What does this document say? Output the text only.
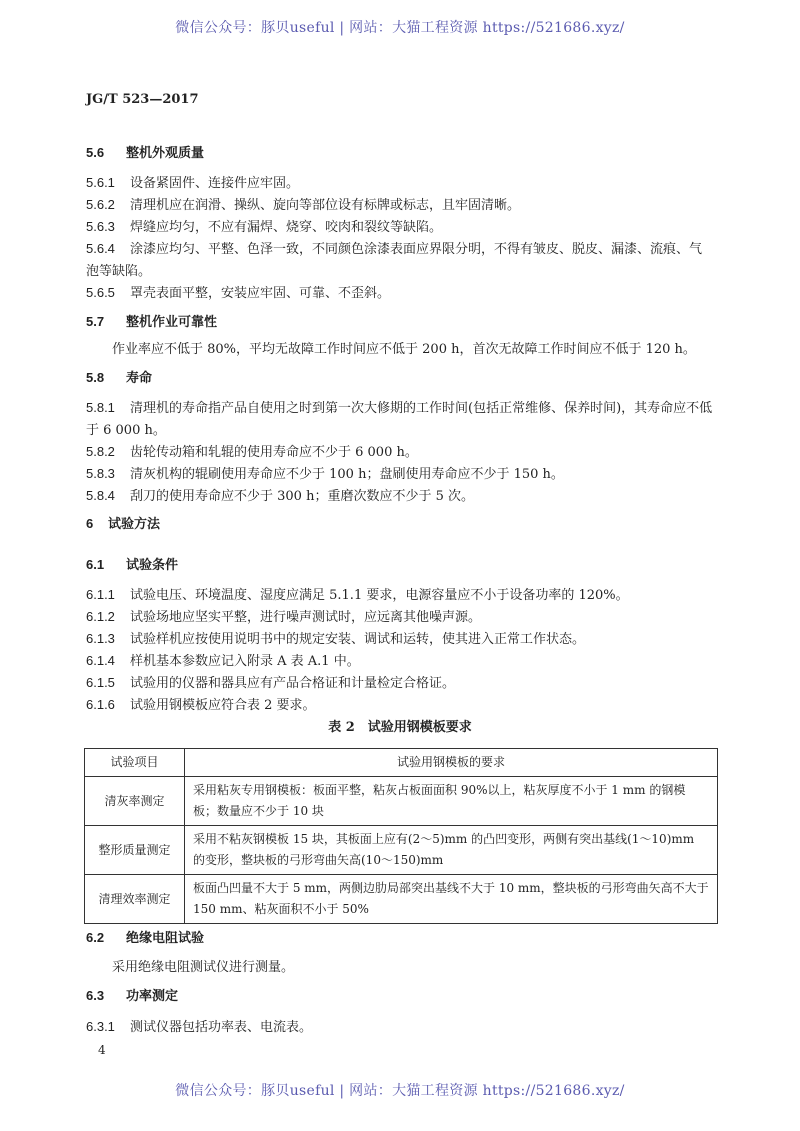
微信公众号：豚贝useful | 网站：大猫工程资源 https://521686.xyz/
JG/T 523—2017
5.6 整机外观质量
5.6.1 设备紧固件、连接件应牢固。
5.6.2 清理机应在润滑、操纵、旋向等部位设有标牌或标志，且牢固清晰。
5.6.3 焊缝应均匀，不应有漏焊、烧穿、咬肉和裂纹等缺陷。
5.6.4 涂漆应均匀、平整、色泽一致，不同颜色涂漆表面应界限分明，不得有皱皮、脱皮、漏漆、流痕、气泡等缺陷。
5.6.5 罩壳表面平整，安装应牢固、可靠、不歪斜。
5.7 整机作业可靠性
作业率应不低于 80%，平均无故障工作时间应不低于 200 h，首次无故障工作时间应不低于 120 h。
5.8 寿命
5.8.1 清理机的寿命指产品自使用之时到第一次大修期的工作时间(包括正常维修、保养时间)，其寿命应不低于 6 000 h。
5.8.2 齿轮传动箱和轧辊的使用寿命应不少于 6 000 h。
5.8.3 清灰机构的辊刷使用寿命应不少于 100 h；盘刷使用寿命应不少于 150 h。
5.8.4 刮刀的使用寿命应不少于 300 h；重磨次数应不少于 5 次。
6 试验方法
6.1 试验条件
6.1.1 试验电压、环境温度、湿度应满足 5.1.1 要求，电源容量应不小于设备功率的 120%。
6.1.2 试验场地应坚实平整，进行噪声测试时，应远离其他噪声源。
6.1.3 试验样机应按使用说明书中的规定安装、调试和运转，使其进入正常工作状态。
6.1.4 样机基本参数应记入附录 A 表 A.1 中。
6.1.5 试验用的仪器和器具应有产品合格证和计量检定合格证。
6.1.6 试验用钢模板应符合表 2 要求。
表 2　试验用钢模板要求
试验项目	试验用钢模板的要求
清灰率测定	采用粘灰专用钢模板：板面平整，粘灰占板面面积 90%以上，粘灰厚度不小于 1 mm 的钢模板；数量应不少于 10 块
整形质量测定	采用不粘灰钢模板 15 块，其板面上应有(2～5)mm 的凸凹变形，两侧有突出基线(1～10)mm 的变形，整块板的弓形弯曲矢高(10～150)mm
清理效率测定	板面凸凹量不大于 5 mm，两侧边肋局部突出基线不大于 10 mm，整块板的弓形弯曲矢高不大于 150 mm、粘灰面积不小于 50%
6.2 绝缘电阻试验
采用绝缘电阻测试仪进行测量。
6.3 功率测定
6.3.1 测试仪器包括功率表、电流表。
4
微信公众号：豚贝useful | 网站：大猫工程资源 https://521686.xyz/
